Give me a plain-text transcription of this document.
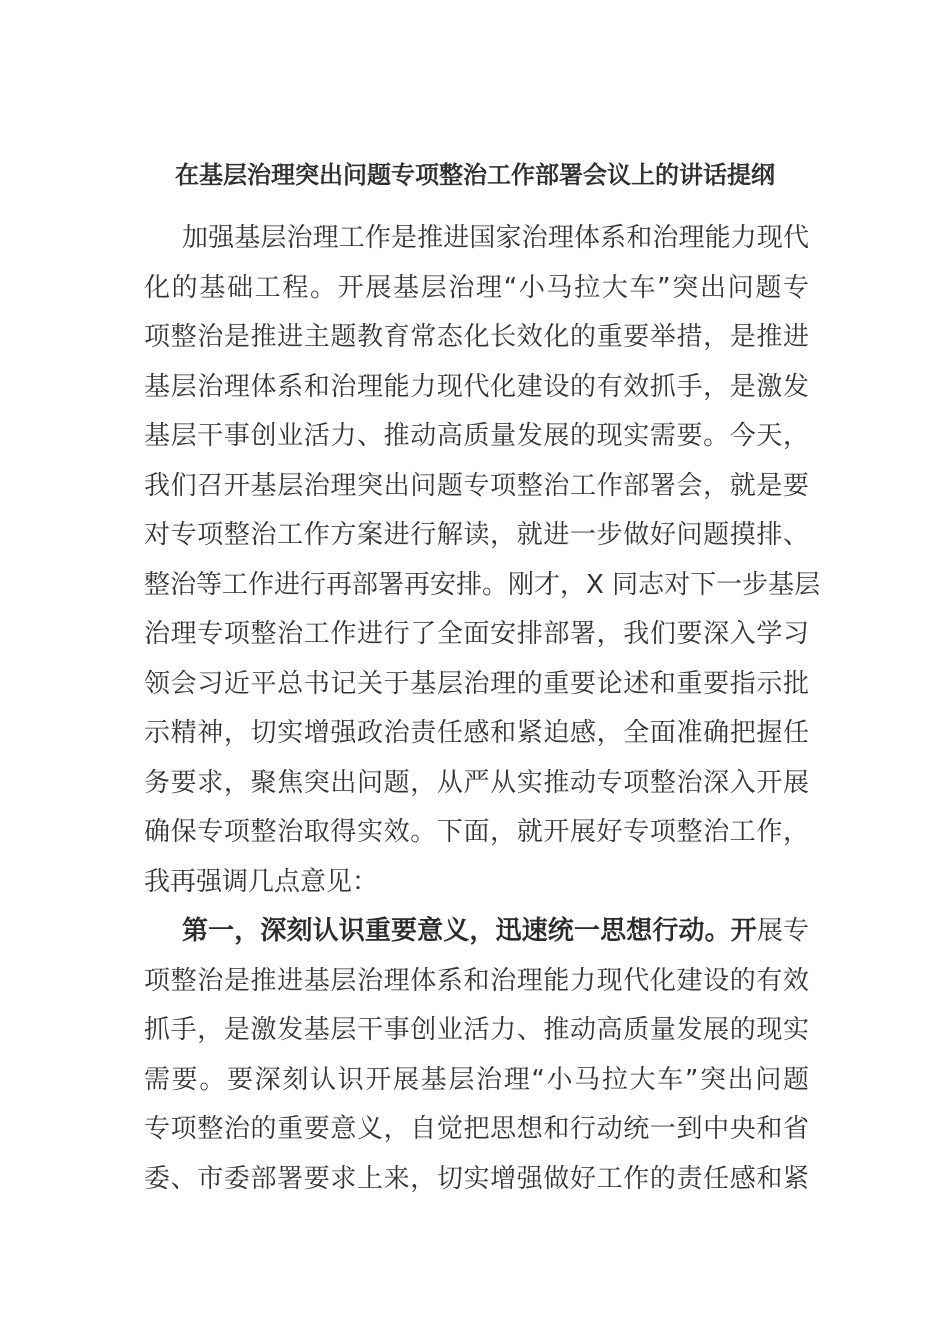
在基层治理突出问题专项整治工作部署会议上的讲话提纲
加强基层治理工作是推进国家治理体系和治理能力现代
化的基础工程。开展基层治理“小马拉大车”突出问题专
项整治是推进主题教育常态化长效化的重要举措，是推进
基层治理体系和治理能力现代化建设的有效抓手，是激发
基层干事创业活力、推动高质量发展的现实需要。今天，
我们召开基层治理突出问题专项整治工作部署会，就是要
对专项整治工作方案进行解读，就进一步做好问题摸排、
整治等工作进行再部署再安排。刚才，X 同志对下一步基层
治理专项整治工作进行了全面安排部署，我们要深入学习
领会习近平总书记关于基层治理的重要论述和重要指示批
示精神，切实增强政治责任感和紧迫感，全面准确把握任
务要求，聚焦突出问题，从严从实推动专项整治深入开展
确保专项整治取得实效。下面，就开展好专项整治工作，
我再强调几点意见：
第一，深刻认识重要意义，迅速统一思想行动。开展专
项整治是推进基层治理体系和治理能力现代化建设的有效
抓手，是激发基层干事创业活力、推动高质量发展的现实
需要。要深刻认识开展基层治理“小马拉大车”突出问题
专项整治的重要意义，自觉把思想和行动统一到中央和省
委、市委部署要求上来，切实增强做好工作的责任感和紧
